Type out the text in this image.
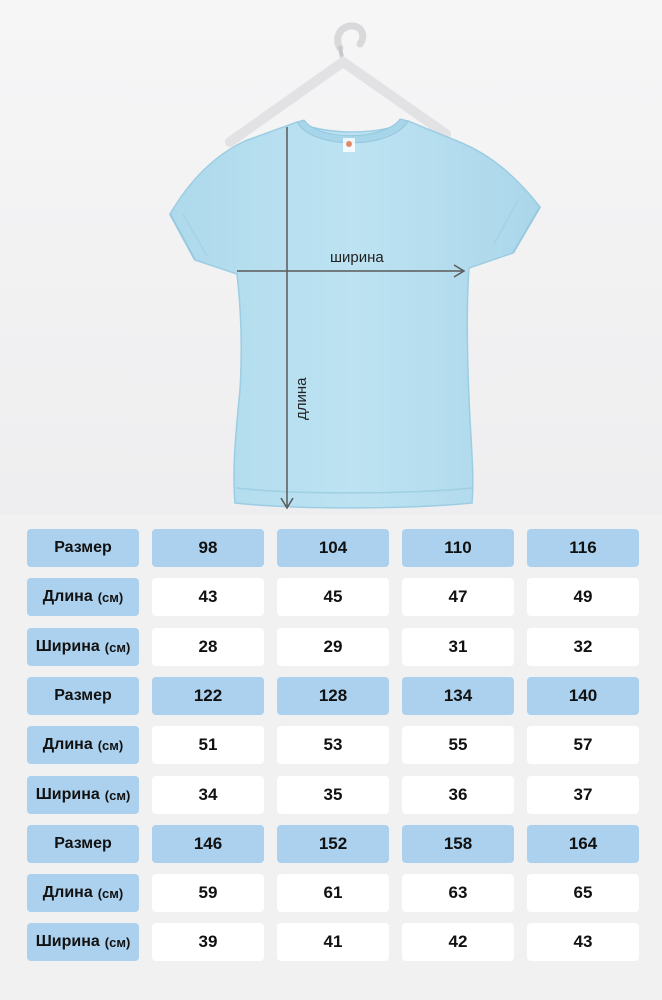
ширина
длина
Размер	98	104	110	116
Длина (см)	43	45	47	49
Ширина (см)	28	29	31	32
Размер	122	128	134	140
Длина (см)	51	53	55	57
Ширина (см)	34	35	36	37
Размер	146	152	158	164
Длина (см)	59	61	63	65
Ширина (см)	39	41	42	43
